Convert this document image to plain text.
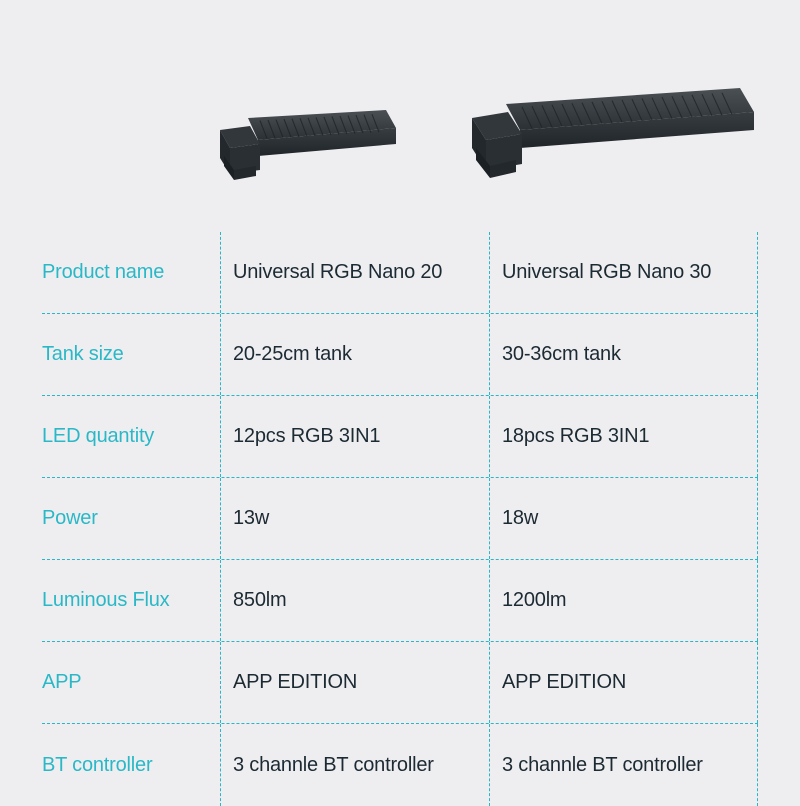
Product name	Universal RGB Nano 20	Universal RGB Nano 30
Tank size	20-25cm tank	30-36cm tank
LED quantity	12pcs RGB 3IN1	18pcs RGB 3IN1
Power	13w	18w
Luminous Flux	850lm	1200lm
APP	APP EDITION	APP EDITION
BT controller	3 channle BT controller	3 channle BT controller
